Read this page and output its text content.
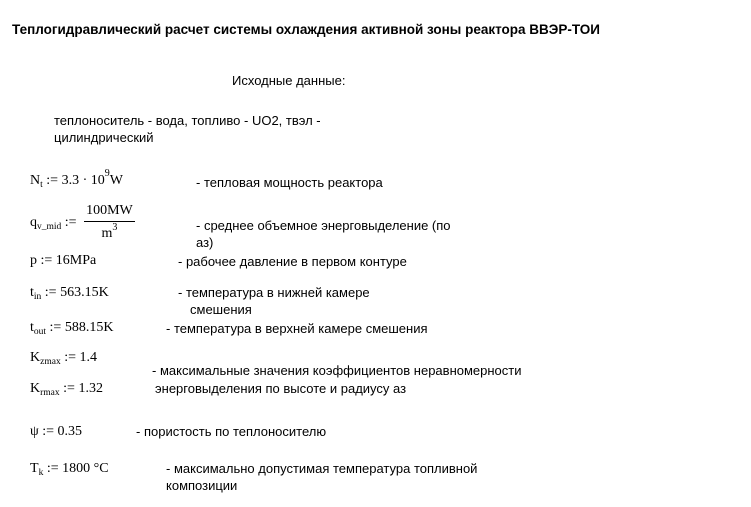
Теплогидравлический расчет системы охлаждения активной зоны реактора ВВЭР-ТОИ
Исходные данные:
теплоноситель - вода, топливо - UO2, твэл -
цилиндрический
$N_t$ := $3.3 \cdot 10^9W$	- тепловая мощность реактора
$q_{v\_mid}$ := $\frac{100MW}{m^3}$	- среднее объемное энерговыделение (по
аз)
p := 16MPa	- рабочее давление в первом контуре
$t_{in}$ := 563.15K	- температура в нижней камере
смешения
$t_{out}$ := 588.15K	- температура в верхней камере смешения
$K_{zmax}$ := 1.4
$K_{rmax}$ := 1.32
- максимальные значения коэффициентов неравномерности
энерговыделения по высоте и радиусу аз
ψ := 0.35	- пористость по теплоносителю
$T_k$ := 1800 °C	- максимально допустимая температура топливной
композиции
